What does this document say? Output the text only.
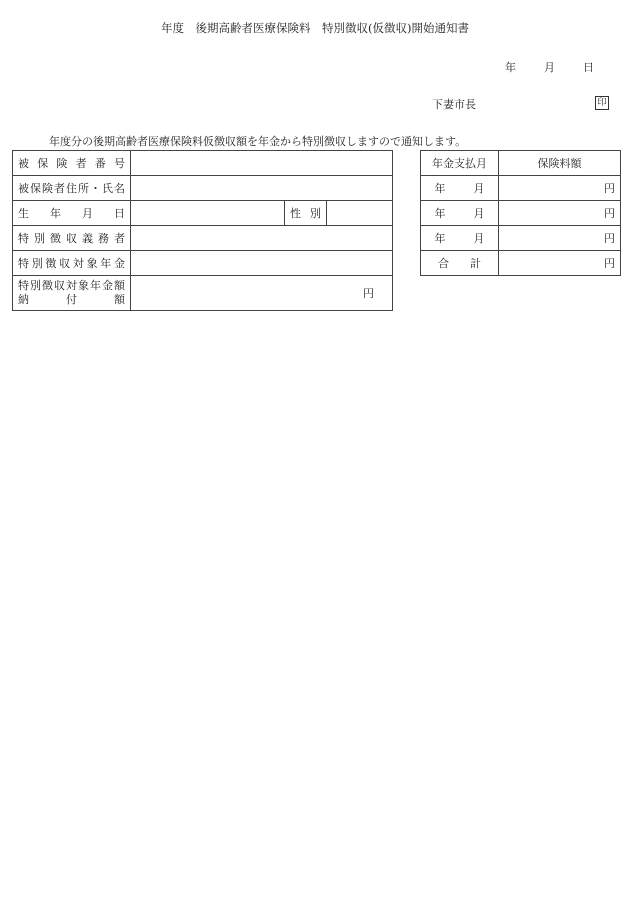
年度　後期高齢者医療保険料　特別徴収(仮徴収)開始通知書
年	月	日
下妻市長	印
年度分の後期高齢者医療保険料仮徴収額を年金から特別徴収しますので通知します。
被保険者番号			

被保険者住所・氏名			

生 年 月 日		性別	

特別徴収義務者			

特別徴収対象年金			

特別徴収対象年金額
納付額	円		
年金支払月	保険料額
年 月	円
年 月	円
年 月	円

合計	円
